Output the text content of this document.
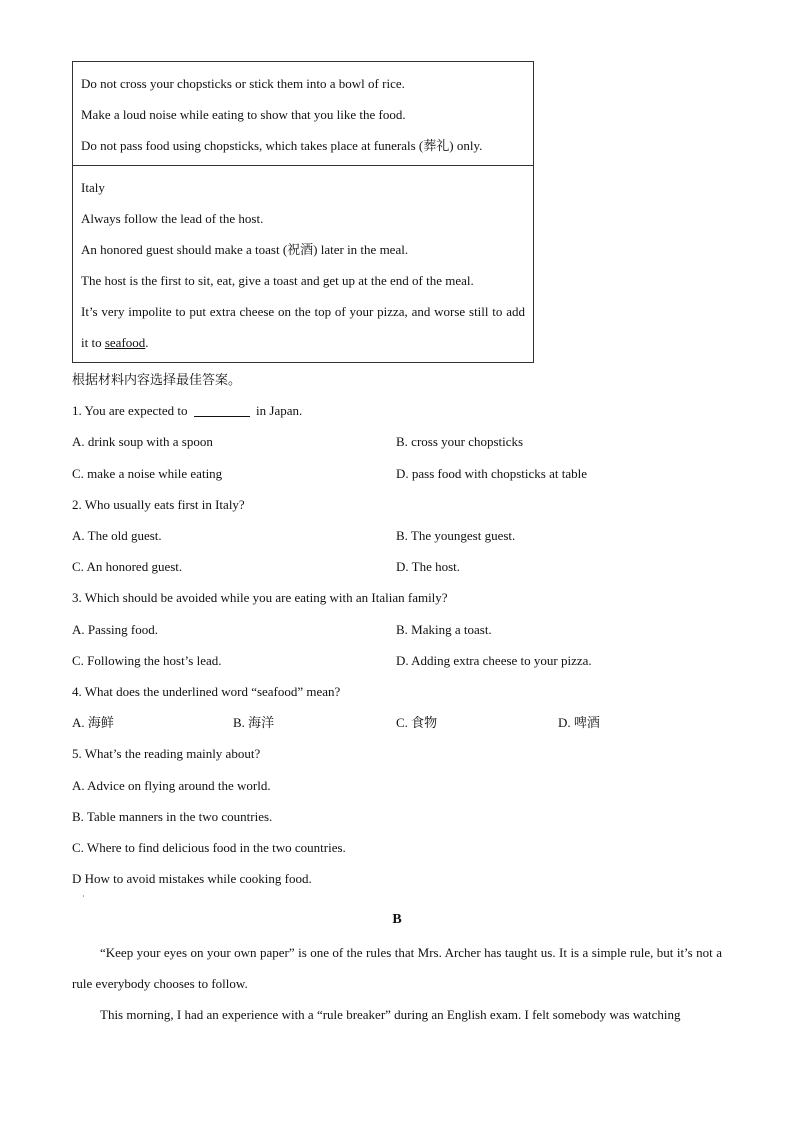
Do not cross your chopsticks or stick them into a bowl of rice.
Make a loud noise while eating to show that you like the food.
Do not pass food using chopsticks, which takes place at funerals (葬礼) only.
Italy
Always follow the lead of the host.
An honored guest should make a toast (祝酒) later in the meal.
The host is the first to sit, eat, give a toast and get up at the end of the meal.
It’s very impolite to put extra cheese on the top of your pizza, and worse still to add it to seafood.
根据材料内容选择最佳答案。
1. You are expected to	in Japan.
A. drink soup with a spoon	B. cross your chopsticks
C. make a noise while eating	D. pass food with chopsticks at table
2. Who usually eats first in Italy?
A. The old guest.	B. The youngest guest.
C. An honored guest.	D. The host.
3. Which should be avoided while you are eating with an Italian family?
A. Passing food.	B. Making a toast.
C. Following the host’s lead.	D. Adding extra cheese to your pizza.
4. What does the underlined word “seafood” mean?
A. 海鲜	B. 海洋	C. 食物	D. 啤酒
5. What’s the reading mainly about?
A. Advice on flying around the world.
B. Table manners in the two countries.
C. Where to find delicious food in the two countries.
D How to avoid mistakes while cooking food.
·
B
“Keep your eyes on your own paper” is one of the rules that Mrs. Archer has taught us. It is a simple rule, but it’s not a rule everybody chooses to follow.
This morning, I had an experience with a “rule breaker” during an English exam. I felt somebody was watching
